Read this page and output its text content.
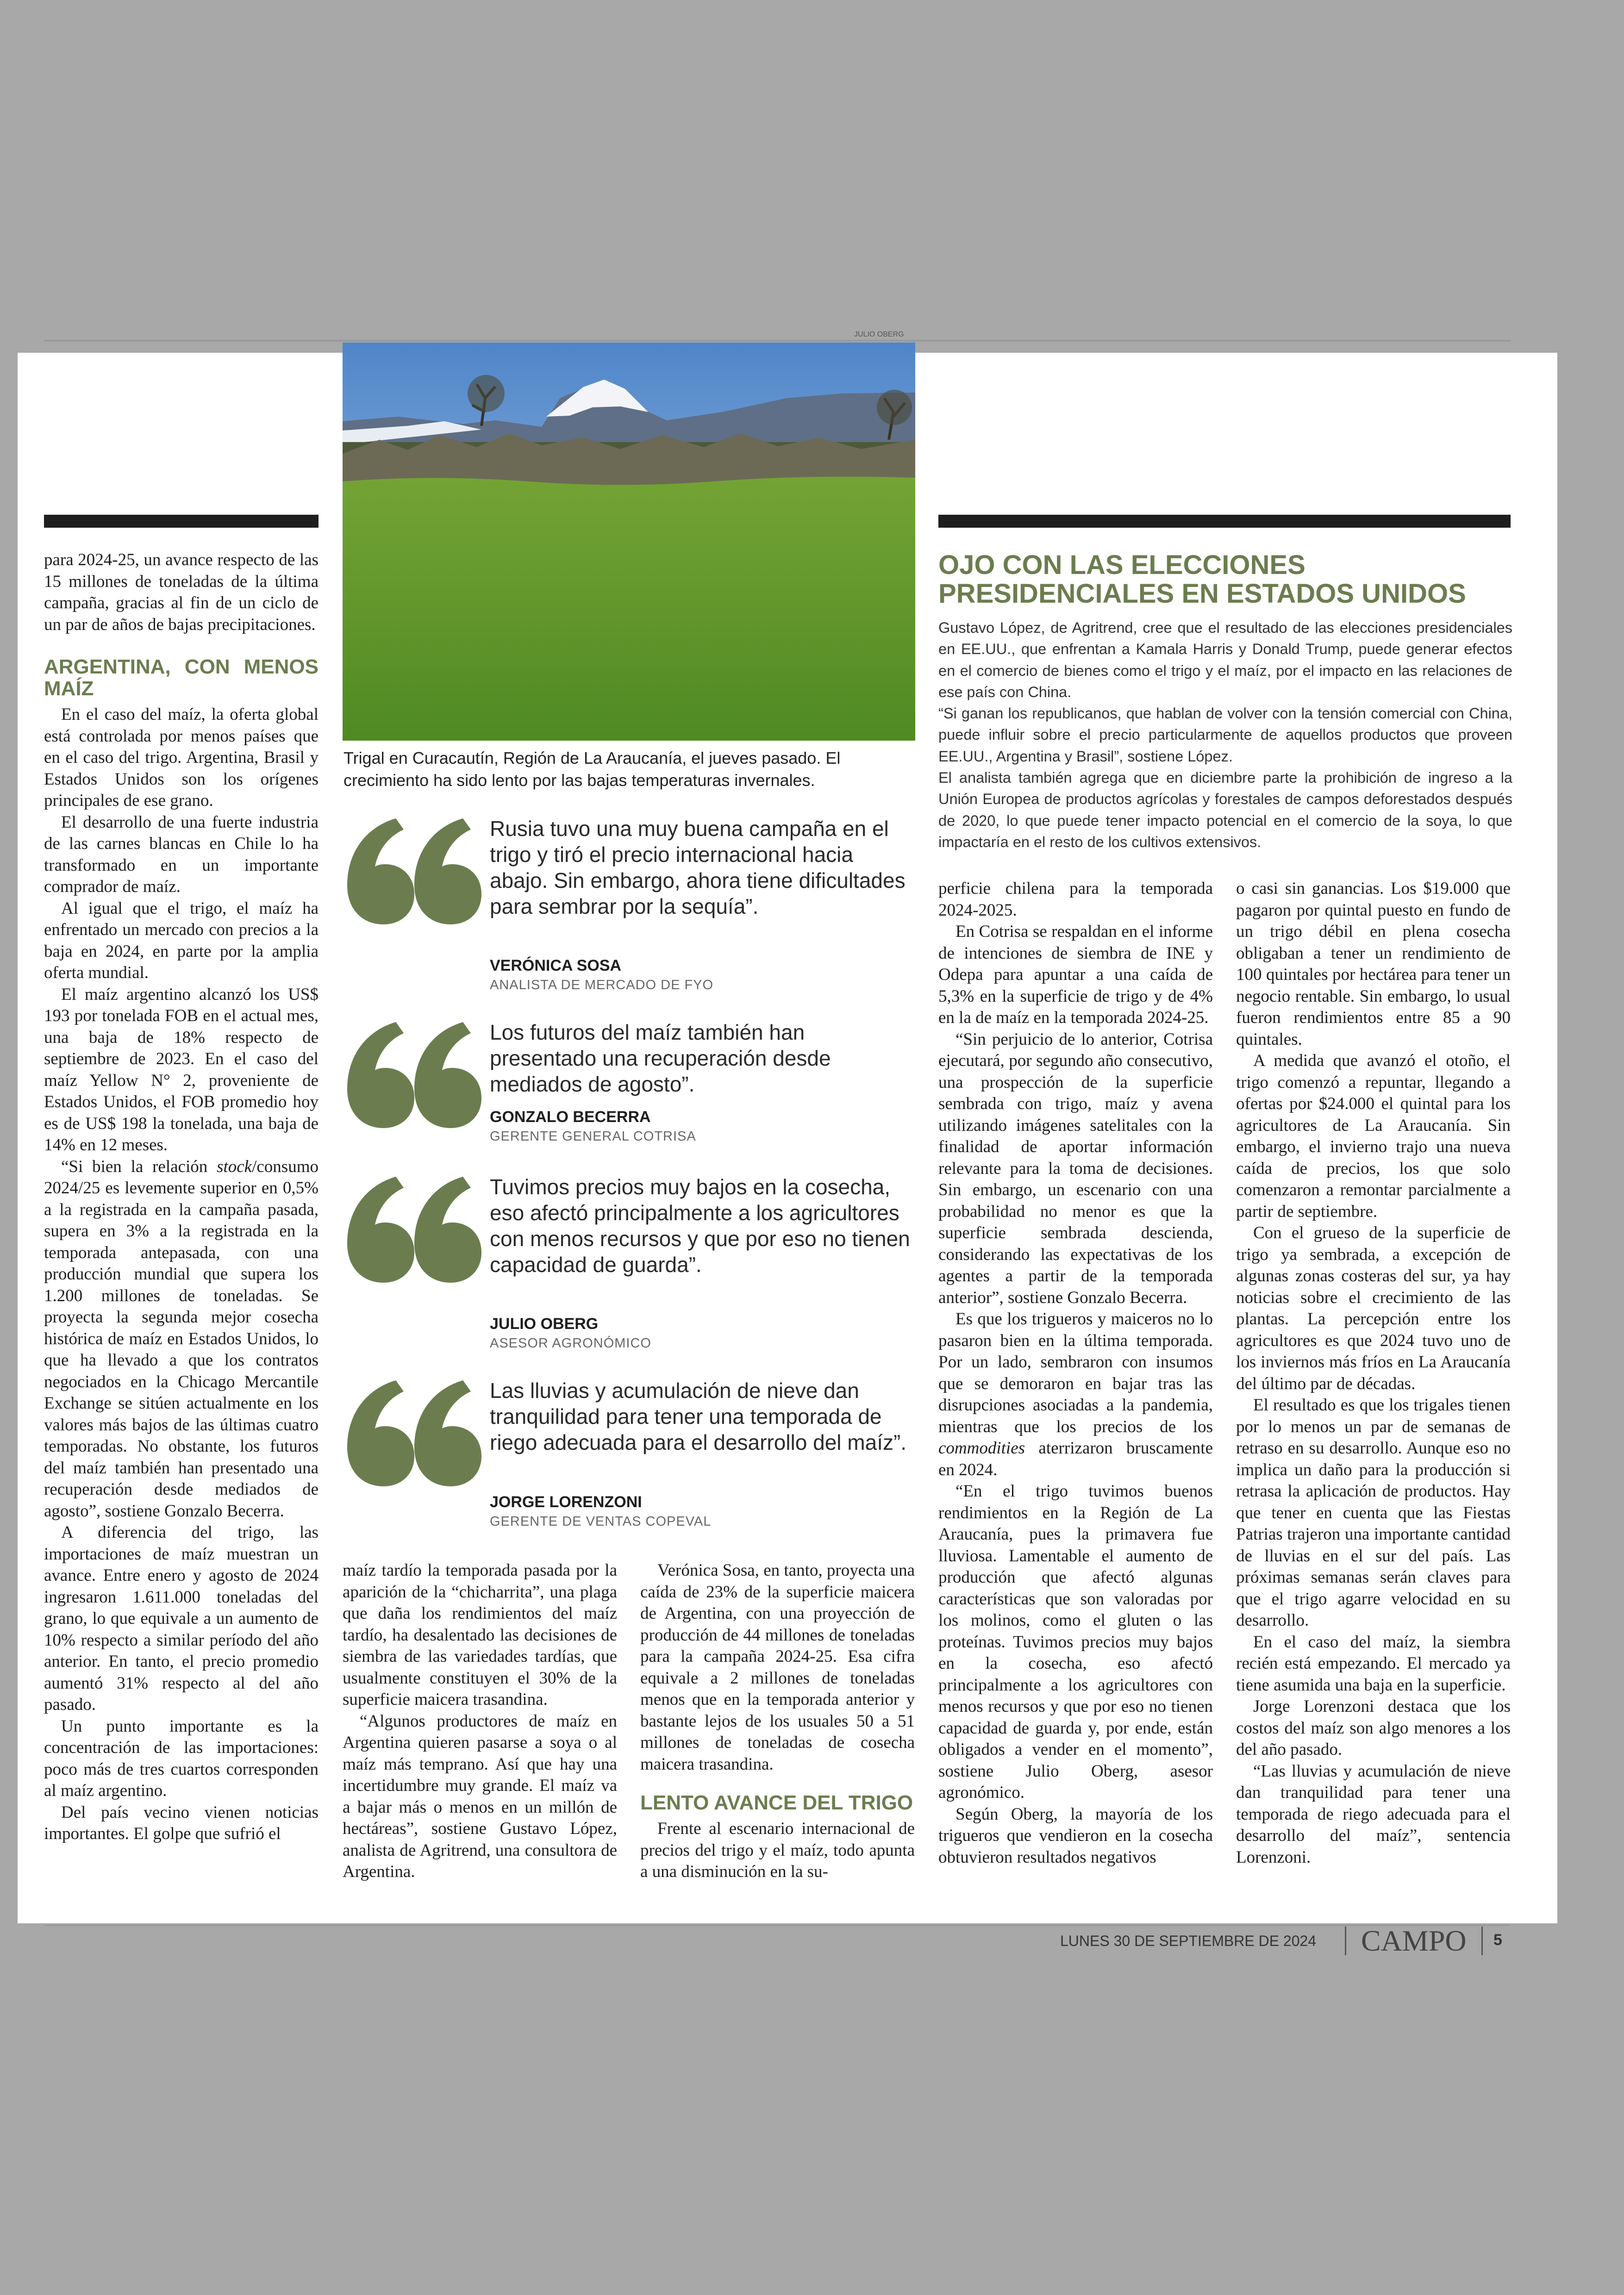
JULIO OBERG

para 2024-25, un avance respecto de las 15 millones de toneladas de la última campaña, gracias al fin de un ciclo de un par de años de bajas precipitaciones.

ARGENTINA, CON MENOS MAÍZ

En el caso del maíz, la oferta global está controlada por menos países que en el caso del trigo. Argentina, Brasil y Estados Unidos son los orígenes principales de ese grano.

El desarrollo de una fuerte industria de las carnes blancas en Chile lo ha transformado en un importante comprador de maíz.

Al igual que el trigo, el maíz ha enfrentado un mercado con precios a la baja en 2024, en parte por la amplia oferta mundial.

El maíz argentino alcanzó los US$ 193 por tonelada FOB en el actual mes, una baja de 18% respecto de septiembre de 2023. En el caso del maíz Yellow N° 2, proveniente de Estados Unidos, el FOB promedio hoy es de US$ 198 la tonelada, una baja de 14% en 12 meses.

“Si bien la relación stock/consumo 2024/25 es levemente superior en 0,5% a la registrada en la campaña pasada, supera en 3% a la registrada en la temporada antepasada, con una producción mundial que supera los 1.200 millones de toneladas. Se proyecta la segunda mejor cosecha histórica de maíz en Estados Unidos, lo que ha llevado a que los contratos negociados en la Chicago Mercantile Exchange se sitúen actualmente en los valores más bajos de las últimas cuatro temporadas. No obstante, los futuros del maíz también han presentado una recuperación desde mediados de agosto”, sostiene Gonzalo Becerra.

A diferencia del trigo, las importaciones de maíz muestran un avance. Entre enero y agosto de 2024 ingresaron 1.611.000 toneladas del grano, lo que equivale a un aumento de 10% respecto a similar período del año anterior. En tanto, el precio promedio aumentó 31% respecto al del año pasado.

Un punto importante es la concentración de las importaciones: poco más de tres cuartos corresponden al maíz argentino.

Del país vecino vienen noticias importantes. El golpe que sufrió el

Trigal en Curacautín, Región de La Araucanía, el jueves pasado. El crecimiento ha sido lento por las bajas temperaturas invernales.
Rusia tuvo una muy buena campaña en el trigo y tiró el precio internacional hacia abajo. Sin embargo, ahora tiene dificultades para sembrar por la sequía”.
VERÓNICA SOSA
ANALISTA DE MERCADO DE FYO
Los futuros del maíz también han presentado una recuperación desde mediados de agosto”.
GONZALO BECERRA
GERENTE GENERAL COTRISA
Tuvimos precios muy bajos en la cosecha, eso afectó principalmente a los agricultores con menos recursos y que por eso no tienen capacidad de guarda”.
JULIO OBERG
ASESOR AGRONÓMICO
Las lluvias y acumulación de nieve dan tranquilidad para tener una temporada de riego adecuada para el desarrollo del maíz”.
JORGE LORENZONI
GERENTE DE VENTAS COPEVAL

maíz tardío la temporada pasada por la aparición de la “chicharrita”, una plaga que daña los rendimientos del maíz tardío, ha desalentado las decisiones de siembra de las variedades tardías, que usualmente constituyen el 30% de la superficie maicera trasandina.

“Algunos productores de maíz en Argentina quieren pasarse a soya o al maíz más temprano. Así que hay una incertidumbre muy grande. El maíz va a bajar más o menos en un millón de hectáreas”, sostiene Gustavo López, analista de Agritrend, una consultora de Argentina.

Verónica Sosa, en tanto, proyecta una caída de 23% de la superficie maicera de Argentina, con una proyección de producción de 44 millones de toneladas para la campaña 2024-25. Esa cifra equivale a 2 millones de toneladas menos que en la temporada anterior y bastante lejos de los usuales 50 a 51 millones de toneladas de cosecha maicera trasandina.

LENTO AVANCE DEL TRIGO

Frente al escenario internacional de precios del trigo y el maíz, todo apunta a una disminución en la su-

OJO CON LAS ELECCIONES PRESIDENCIALES EN ESTADOS UNIDOS

Gustavo López, de Agritrend, cree que el resultado de las elecciones presidenciales en EE.UU., que enfrentan a Kamala Harris y Donald Trump, puede generar efectos en el comercio de bienes como el trigo y el maíz, por el impacto en las relaciones de ese país con China.

“Si ganan los republicanos, que hablan de volver con la tensión comercial con China, puede influir sobre el precio particularmente de aquellos productos que proveen EE.UU., Argentina y Brasil”, sostiene López.

El analista también agrega que en diciembre parte la prohibición de ingreso a la Unión Europea de productos agrícolas y forestales de campos deforestados después de 2020, lo que puede tener impacto potencial en el comercio de la soya, lo que impactaría en el resto de los cultivos extensivos.

perficie chilena para la temporada 2024-2025.

En Cotrisa se respaldan en el informe de intenciones de siembra de INE y Odepa para apuntar a una caída de 5,3% en la superficie de trigo y de 4% en la de maíz en la temporada 2024-25.

“Sin perjuicio de lo anterior, Cotrisa ejecutará, por segundo año consecutivo, una prospección de la superficie sembrada con trigo, maíz y avena utilizando imágenes satelitales con la finalidad de aportar información relevante para la toma de decisiones. Sin embargo, un escenario con una probabilidad no menor es que la superficie sembrada descienda, considerando las expectativas de los agentes a partir de la temporada anterior”, sostiene Gonzalo Becerra.

Es que los trigueros y maiceros no lo pasaron bien en la última temporada. Por un lado, sembraron con insumos que se demoraron en bajar tras las disrupciones asociadas a la pandemia, mientras que los precios de los commodities aterrizaron bruscamente en 2024.

“En el trigo tuvimos buenos rendimientos en la Región de La Araucanía, pues la primavera fue lluviosa. Lamentable el aumento de producción que afectó algunas características que son valoradas por los molinos, como el gluten o las proteínas. Tuvimos precios muy bajos en la cosecha, eso afectó principalmente a los agricultores con menos recursos y que por eso no tienen capacidad de guarda y, por ende, están obligados a vender en el momento”, sostiene Julio Oberg, asesor agronómico.

Según Oberg, la mayoría de los trigueros que vendieron en la cosecha obtuvieron resultados negativos

o casi sin ganancias. Los $19.000 que pagaron por quintal puesto en fundo de un trigo débil en plena cosecha obligaban a tener un rendimiento de 100 quintales por hectárea para tener un negocio rentable. Sin embargo, lo usual fueron rendimientos entre 85 a 90 quintales.

A medida que avanzó el otoño, el trigo comenzó a repuntar, llegando a ofertas por $24.000 el quintal para los agricultores de La Araucanía. Sin embargo, el invierno trajo una nueva caída de precios, los que solo comenzaron a remontar parcialmente a partir de septiembre.

Con el grueso de la superficie de trigo ya sembrada, a excepción de algunas zonas costeras del sur, ya hay noticias sobre el crecimiento de las plantas. La percepción entre los agricultores es que 2024 tuvo uno de los inviernos más fríos en La Araucanía del último par de décadas.

El resultado es que los trigales tienen por lo menos un par de semanas de retraso en su desarrollo. Aunque eso no implica un daño para la producción si retrasa la aplicación de productos. Hay que tener en cuenta que las Fiestas Patrias trajeron una importante cantidad de lluvias en el sur del país. Las próximas semanas serán claves para que el trigo agarre velocidad en su desarrollo.

En el caso del maíz, la siembra recién está empezando. El mercado ya tiene asumida una baja en la superficie.

Jorge Lorenzoni destaca que los costos del maíz son algo menores a los del año pasado.

“Las lluvias y acumulación de nieve dan tranquilidad para tener una temporada de riego adecuada para el desarrollo del maíz”, sentencia Lorenzoni.

LUNES 30 DE SEPTIEMBRE DE 2024 CAMPO 5
